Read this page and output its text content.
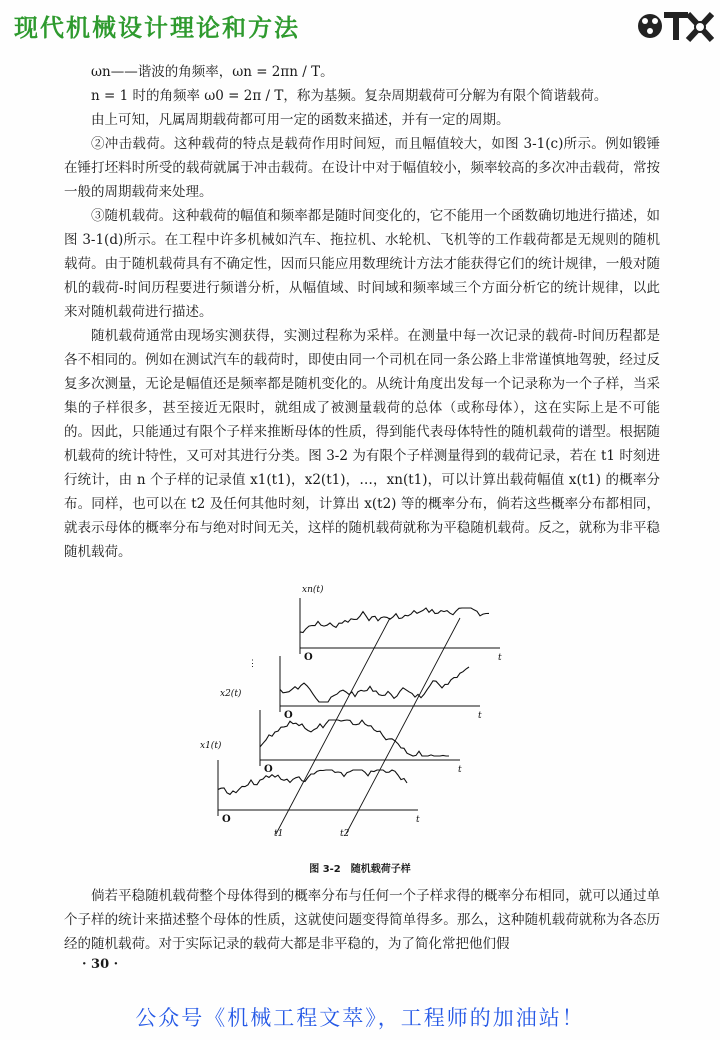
现代机械设计理论和方法

ωn——谐波的角频率，ωn = 2πn / T。

n = 1 时的角频率 ω0 = 2π / T，称为基频。复杂周期载荷可分解为有限个简谐载荷。

由上可知，凡属周期载荷都可用一定的函数来描述，并有一定的周期。

②冲击载荷。这种载荷的特点是载荷作用时间短，而且幅值较大，如图 3-1(c)所示。例如锻锤在锤打坯料时所受的载荷就属于冲击载荷。在设计中对于幅值较小，频率较高的多次冲击载荷，常按一般的周期载荷来处理。

③随机载荷。这种载荷的幅值和频率都是随时间变化的，它不能用一个函数确切地进行描述，如图 3-1(d)所示。在工程中许多机械如汽车、拖拉机、水轮机、飞机等的工作载荷都是无规则的随机载荷。由于随机载荷具有不确定性，因而只能应用数理统计方法才能获得它们的统计规律，一般对随机的载荷-时间历程要进行频谱分析，从幅值域、时间域和频率域三个方面分析它的统计规律，以此来对随机载荷进行描述。

随机载荷通常由现场实测获得，实测过程称为采样。在测量中每一次记录的载荷-时间历程都是各不相同的。例如在测试汽车的载荷时，即使由同一个司机在同一条公路上非常谨慎地驾驶，经过反复多次测量，无论是幅值还是频率都是随机变化的。从统计角度出发每一个记录称为一个子样，当采集的子样很多，甚至接近无限时，就组成了被测量载荷的总体（或称母体），这在实际上是不可能的。因此，只能通过有限个子样来推断母体的性质，得到能代表母体特性的随机载荷的谱型。根据随机载荷的统计特性，又可对其进行分类。图 3-2 为有限个子样测量得到的载荷记录，若在 t1 时刻进行统计，由 n 个子样的记录值 x1(t1)，x2(t1)，…，xn(t1)，可以计算出载荷幅值 x(t1) 的概率分布。同样，也可以在 t2 及任何其他时刻，计算出 x(t2) 等的概率分布，倘若这些概率分布都相同，就表示母体的概率分布与绝对时间无关，这样的随机载荷就称为平稳随机载荷。反之，就称为非平稳随机载荷。

xn(t)
⋮
x2(t)
x1(t)
t1	t2
O	t
O	t
O	t
O	t
图 3-2　随机载荷子样

倘若平稳随机载荷整个母体得到的概率分布与任何一个子样求得的概率分布相同，就可以通过单个子样的统计来描述整个母体的性质，这就使问题变得简单得多。那么，这种随机载荷就称为各态历经的随机载荷。对于实际记录的载荷大都是非平稳的，为了简化常把他们假

· 30 ·
公众号《机械工程文萃》，工程师的加油站！
